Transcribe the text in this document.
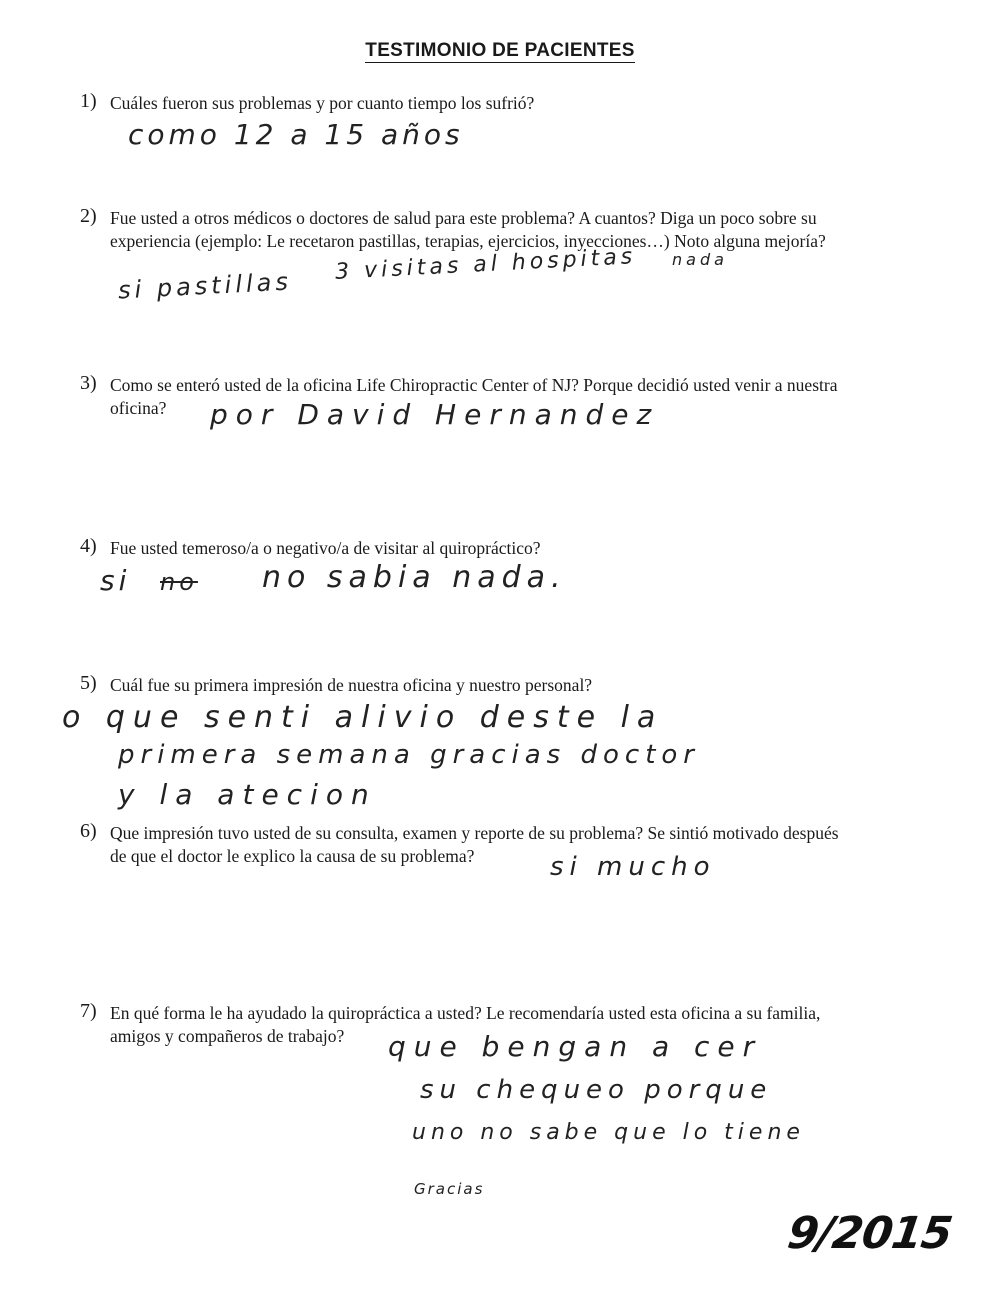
TESTIMONIO DE PACIENTES
1) Cuáles fueron sus problemas y por cuanto tiempo los sufrió?
como 12 a 15 años
2) Fue usted a otros médicos o doctores de salud para este problema? A cuantos? Diga un poco sobre su
experiencia (ejemplo: Le recetaron pastillas, terapias, ejercicios, inyecciones…) Noto alguna mejoría?
si pastillas
3 visitas al hospitas nada
3) Como se enteró usted de la oficina Life Chiropractic Center of NJ? Porque decidió usted venir a nuestra
oficina? por David Hernandez
4) Fue usted temeroso/a o negativo/a de visitar al quiropráctico?
si no no sabia nada.
5) Cuál fue su primera impresión de nuestra oficina y nuestro personal?
o que senti alivio deste la
primera semana gracias doctor
y la atecion
6) Que impresión tuvo usted de su consulta, examen y reporte de su problema? Se sintió motivado después
de que el doctor le explico la causa de su problema?	si mucho
7) En qué forma le ha ayudado la quiropráctica a usted? Le recomendaría usted esta oficina a su familia,
amigos y compañeros de trabajo? que bengan a cer
su chequeo porque
uno no sabe que lo tiene
Gracias
9/2015
